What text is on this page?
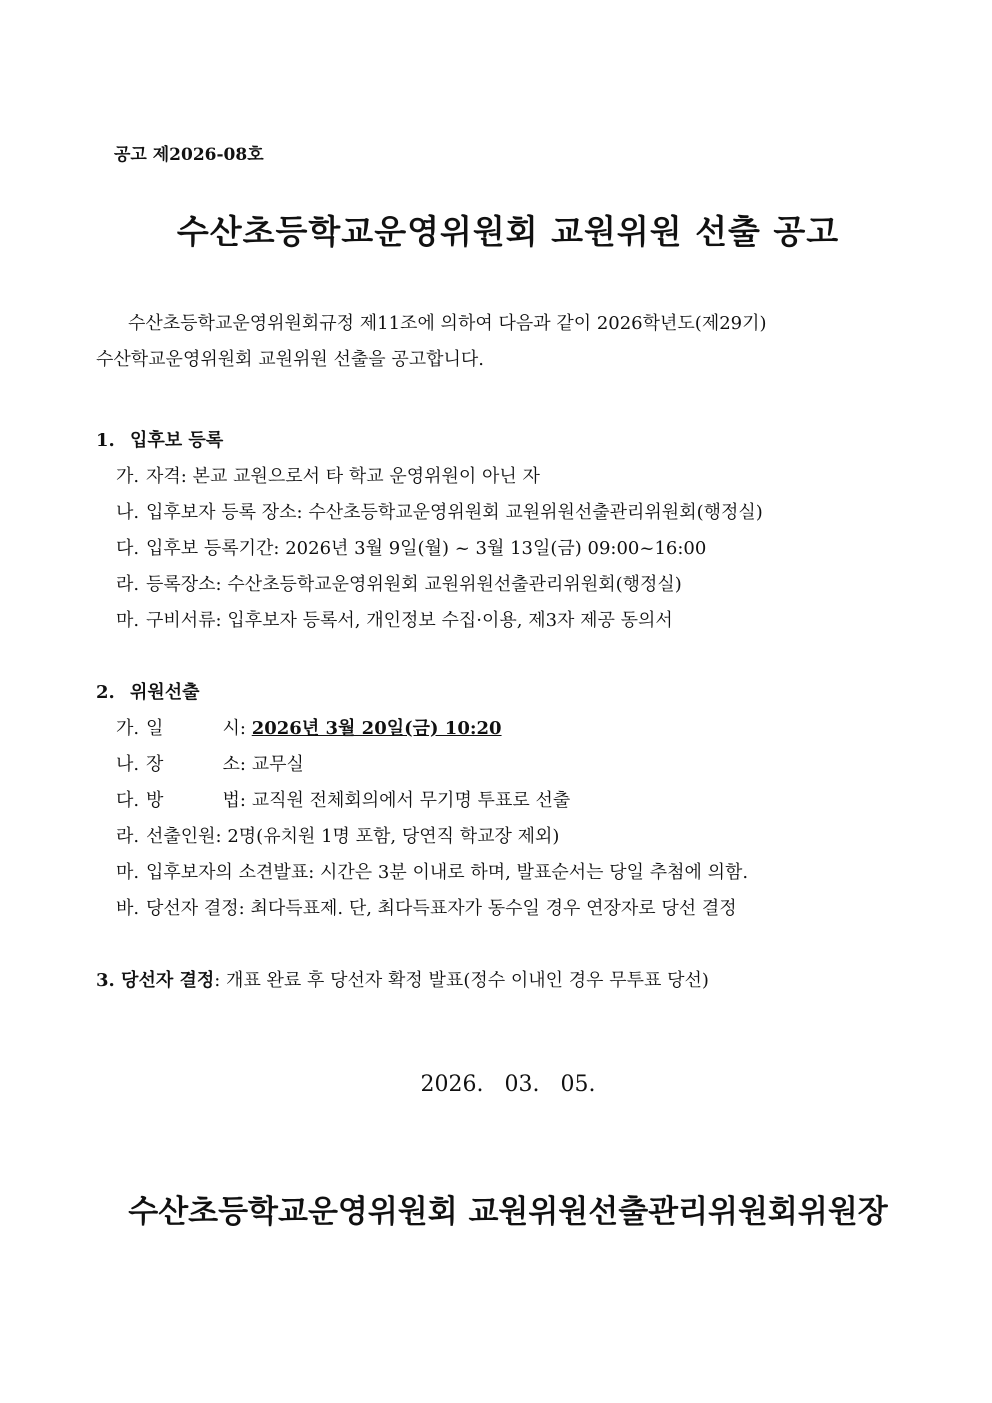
공고 제2026-08호
수산초등학교운영위원회 교원위원 선출 공고
수산초등학교운영위원회규정 제11조에 의하여 다음과 같이 2026학년도(제29기)
수산학교운영위원회 교원위원 선출을 공고합니다.
1. 입후보 등록
가. 자격: 본교 교원으로서 타 학교 운영위원이 아닌 자
나. 입후보자 등록 장소: 수산초등학교운영위원회 교원위원선출관리위원회(행정실)
다. 입후보 등록기간: 2026년 3월 9일(월) ~ 3월 13일(금) 09:00~16:00
라. 등록장소: 수산초등학교운영위원회 교원위원선출관리위원회(행정실)
마. 구비서류: 입후보자 등록서, 개인정보 수집·이용, 제3자 제공 동의서
2. 위원선출
가. 일 시: 2026년 3월 20일(금) 10:20
나. 장 소: 교무실
다. 방 법: 교직원 전체회의에서 무기명 투표로 선출
라. 선출인원: 2명(유치원 1명 포함, 당연직 학교장 제외)
마. 입후보자의 소견발표: 시간은 3분 이내로 하며, 발표순서는 당일 추첨에 의함.
바. 당선자 결정: 최다득표제. 단, 최다득표자가 동수일 경우 연장자로 당선 결정
3. 당선자 결정: 개표 완료 후 당선자 확정 발표(정수 이내인 경우 무투표 당선)
2026. 03. 05.
수산초등학교운영위원회 교원위원선출관리위원회위원장
